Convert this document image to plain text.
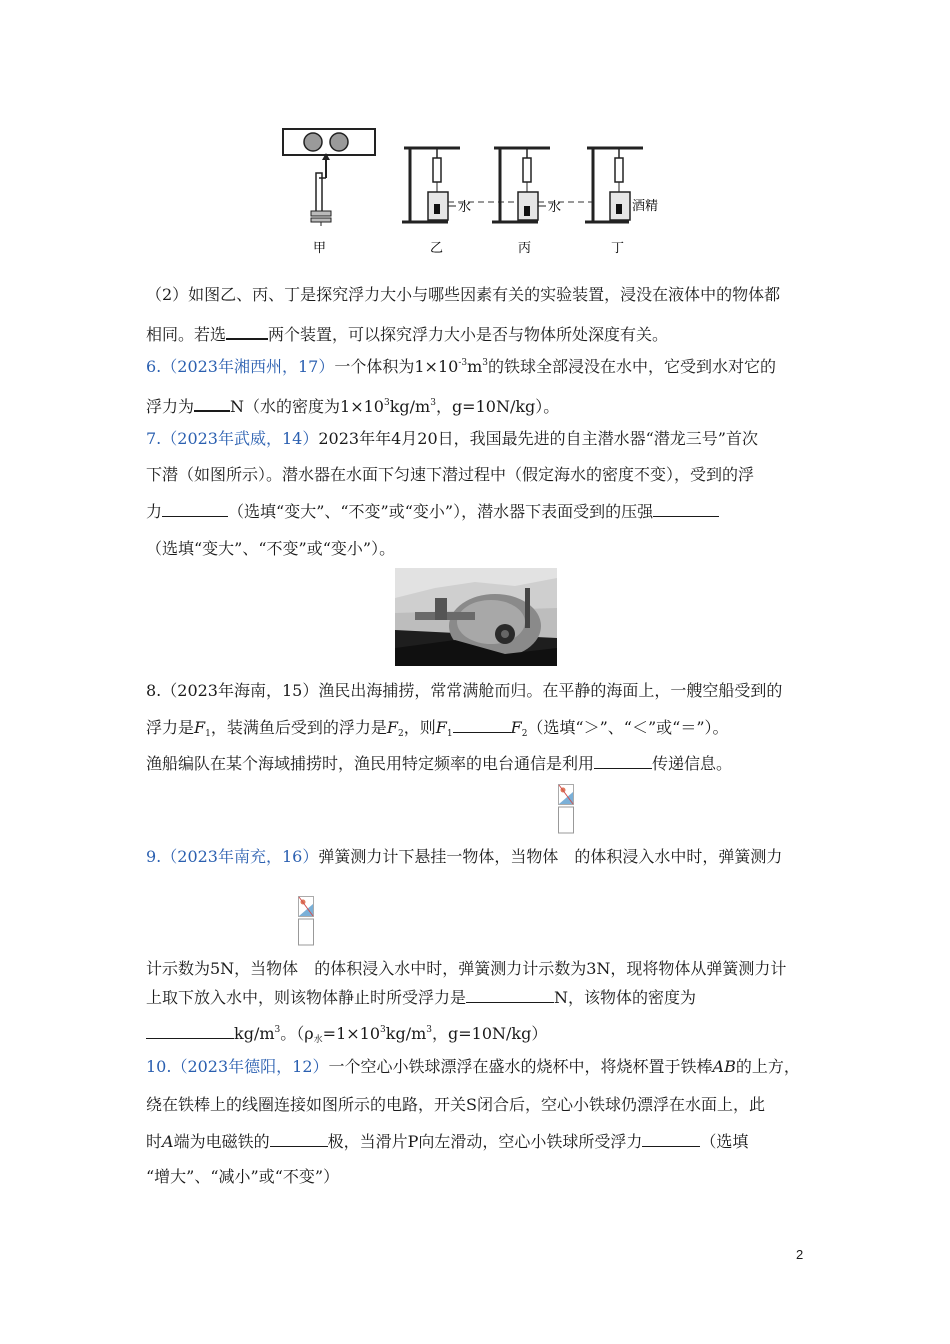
甲
水
乙
水
丙
酒精
丁
（2）如图乙、丙、丁是探究浮力大小与哪些因素有关的实验装置，浸没在液体中的物体都
相同。若选	两个装置，可以探究浮力大小是否与物体所处深度有关。
6.（2023年湘西州，17）一个体积为$1\times 10^{-3}m^3$的铁球全部浸没在水中，它受到水对它的
浮力为 N（水的密度为$1\times 10^3kg/m^3$，g=10N/kg）。
7.（2023年武威，14）2023年年4月20日，我国最先进的自主潜水器“潜龙三号”首次
下潜（如图所示）。潜水器在水面下匀速下潜过程中（假定海水的密度不变），受到的浮
力	（选填“变大”、“不变”或“变小”），潜水器下表面受到的压强
（选填“变大”、“不变”或“变小”）。
8.（2023年海南，15）渔民出海捕捞，常常满舱而归。在平静的海面上，一艘空船受到的
浮力是$F_1$，装满鱼后受到的浮力是$F_2$，则$F_1$	$F_2$（选填“＞”、“＜”或“＝”）。
渔船编队在某个海域捕捞时，渔民用特定频率的电台通信是利用	传递信息。
9.（2023年南充，16）弹簧测力计下悬挂一物体，当物体 的体积浸入水中时，弹簧测力
计示数为5N，当物体 的体积浸入水中时，弹簧测力计示数为3N，现将物体从弹簧测力计
上取下放入水中，则该物体静止时所受浮力是	N，该物体的密度为
$kg/m^3$。（$\rho_水=1\times 10^3kg/m^3$，g=10N/kg）
10.（2023年德阳，12）一个空心小铁球漂浮在盛水的烧杯中，将烧杯置于铁棒AB的上方，
绕在铁棒上的线圈连接如图所示的电路，开关S闭合后，空心小铁球仍漂浮在水面上，此
时A端为电磁铁的	极，当滑片P向左滑动，空心小铁球所受浮力	（选填
“增大”、“减小”或“不变”）
2
